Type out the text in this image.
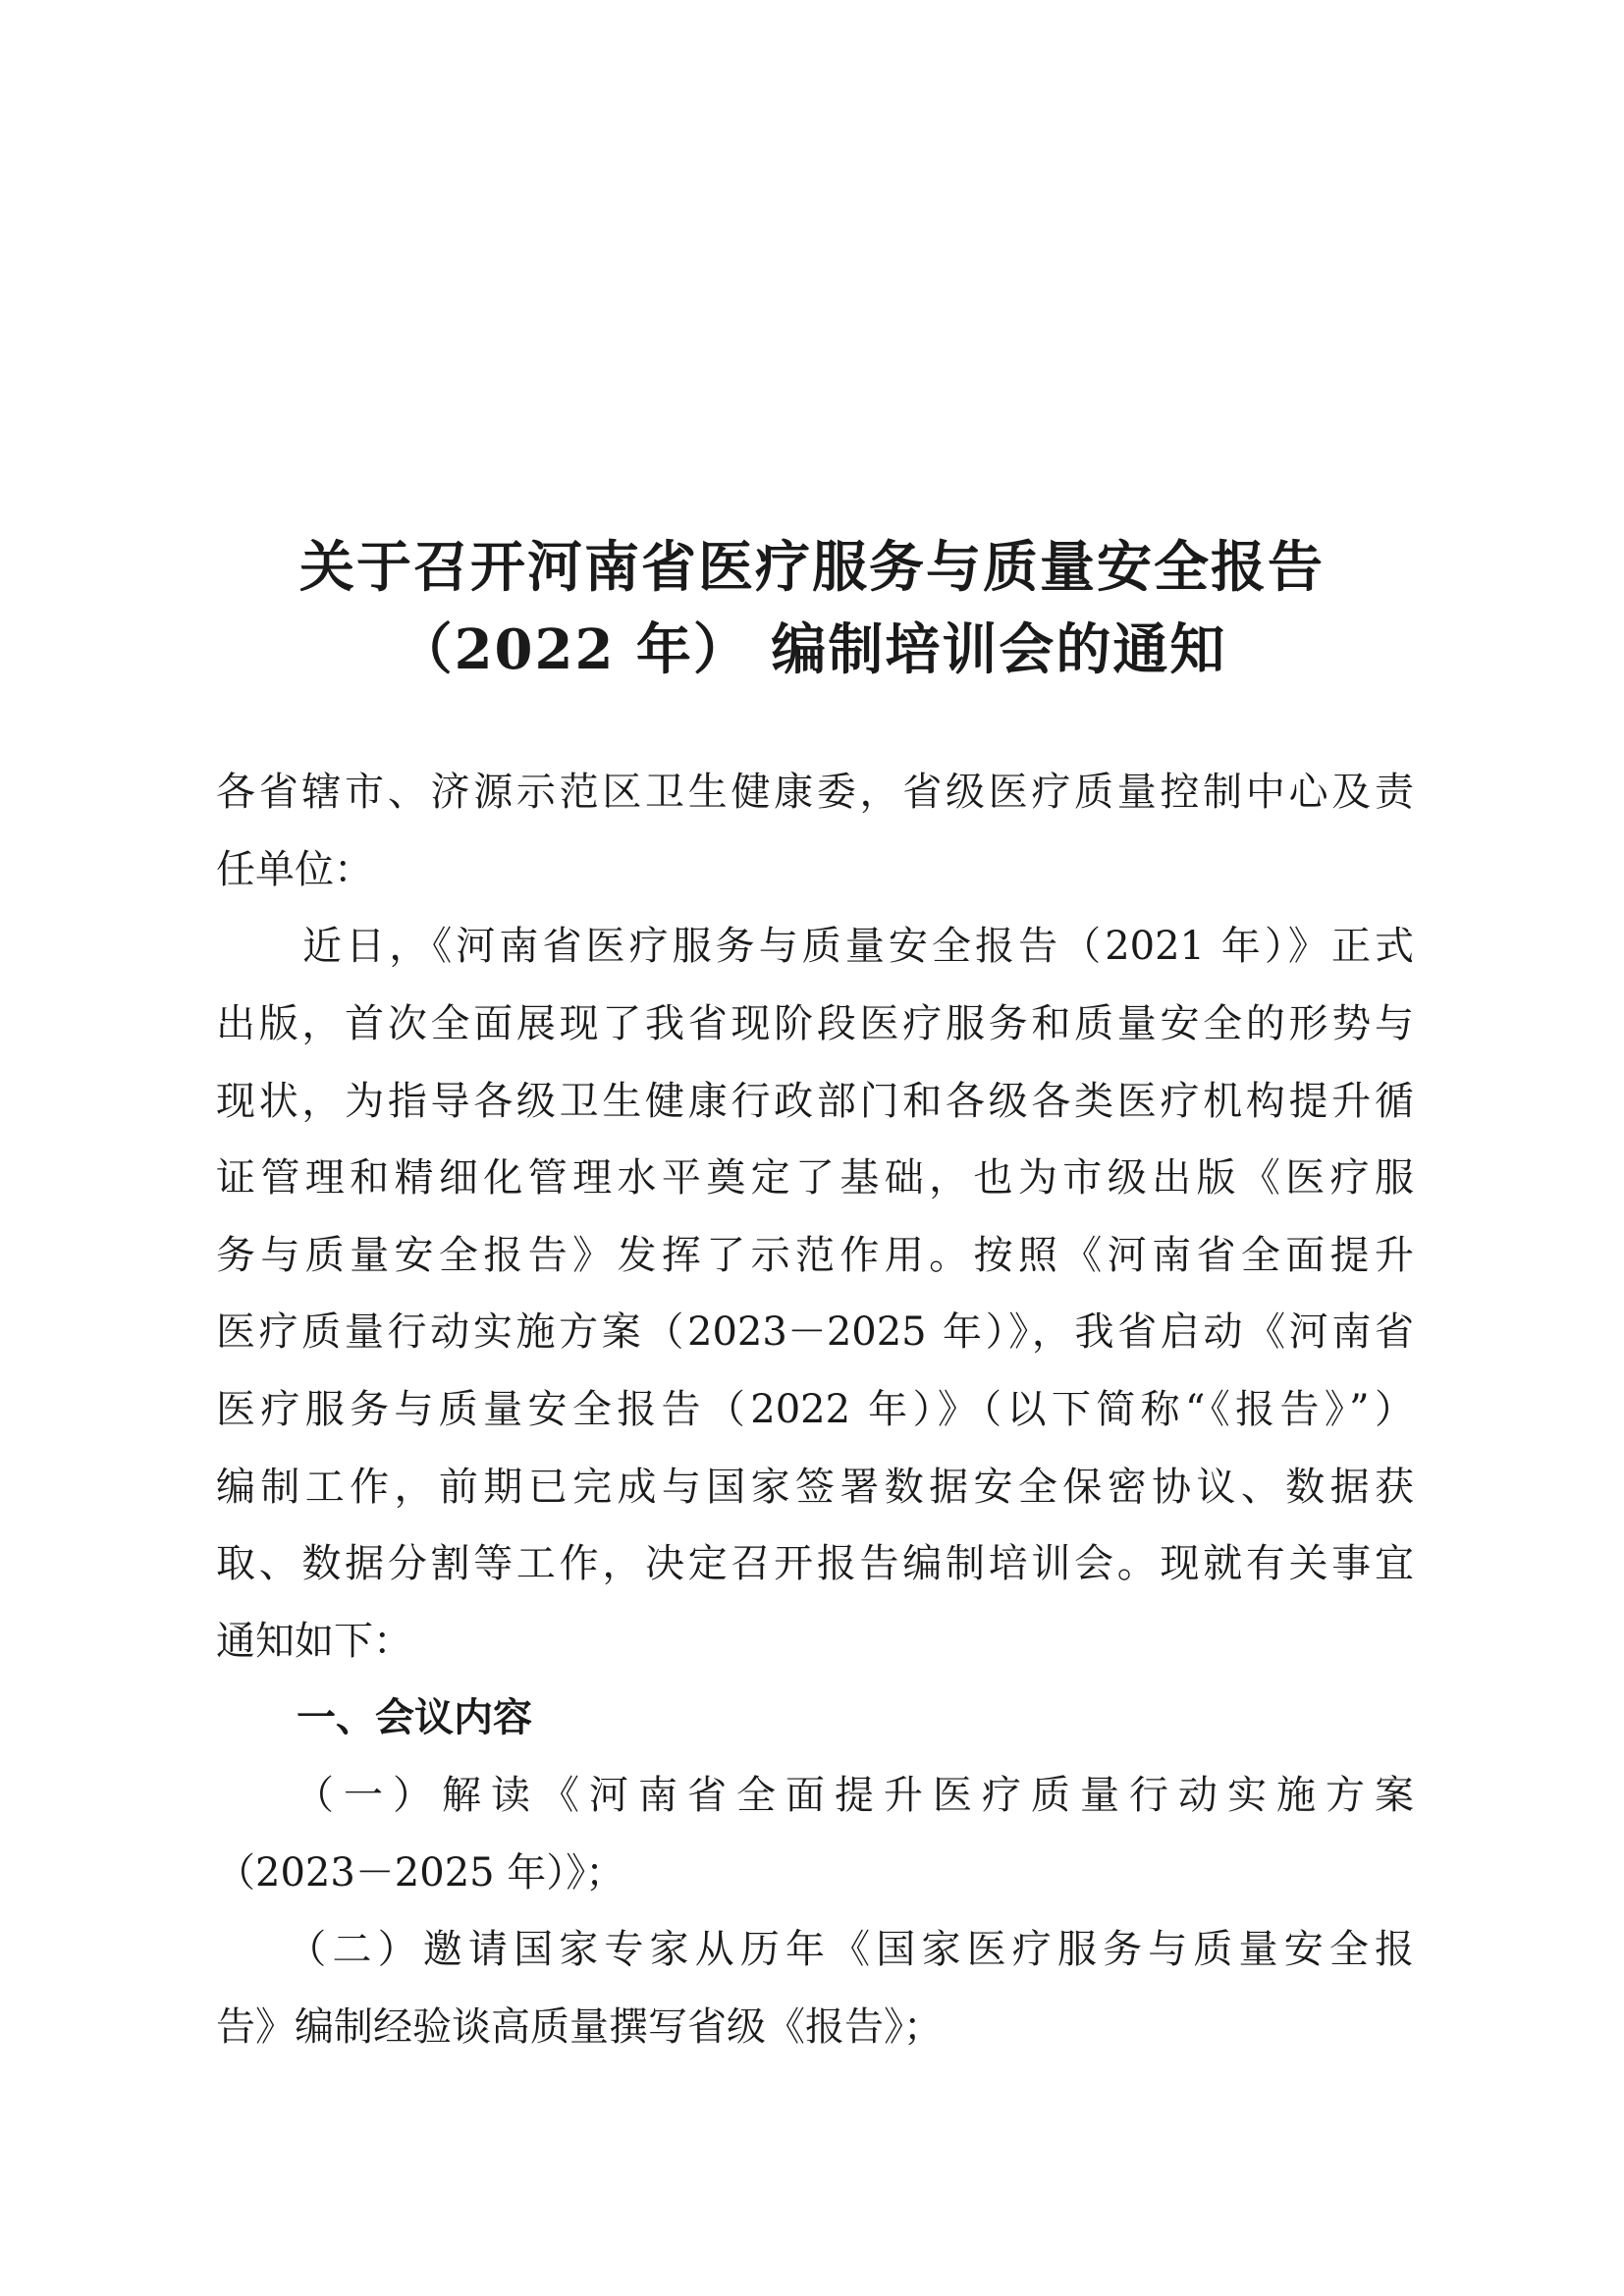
关于召开河南省医疗服务与质量安全报告
（2022 年） 编制培训会的通知
各省辖市、济源示范区卫生健康委，省级医疗质量控制中心及责
任单位：
　　近日，《河南省医疗服务与质量安全报告（2021 年）》正式
出版，首次全面展现了我省现阶段医疗服务和质量安全的形势与
现状，为指导各级卫生健康行政部门和各级各类医疗机构提升循
证管理和精细化管理水平奠定了基础，也为市级出版《医疗服
务与质量安全报告》发挥了示范作用。按照《河南省全面提升
医疗质量行动实施方案（2023－2025 年）》，我省启动《河南省
医疗服务与质量安全报告（2022 年）》（以下简称“《报告》”）
编制工作，前期已完成与国家签署数据安全保密协议、数据获
取、数据分割等工作，决定召开报告编制培训会。现就有关事宜
通知如下：
一、会议内容
　　（一）解读《河南省全面提升医疗质量行动实施方案
（2023－2025 年）》；
　　（二）邀请国家专家从历年《国家医疗服务与质量安全报
告》编制经验谈高质量撰写省级《报告》；
